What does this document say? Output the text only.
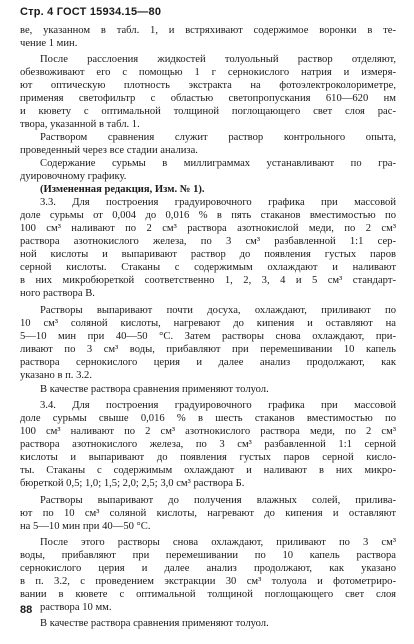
Стр. 4 ГОСТ 15934.15—80
ве, указанном в табл. 1, и встряхивают содержимое воронки в те-
чение 1 мин.
После расслоения жидкостей толуольный раствор отделяют,
обезвоживают его с помощью 1 г сернокислого натрия и измеря-
ют оптическую плотность экстракта на фотоэлектроколориметре,
применяя светофильтр с областью светопропускания 610—620 нм
и кювету с оптимальной толщиной поглощающего свет слоя рас-
твора, указанной в табл. 1.
Раствором сравнения служит раствор контрольного опыта,
проведенный через все стадии анализа.
Содержание сурьмы в миллиграммах устанавливают по гра-
дуировочному графику.
(Измененная редакция, Изм. № 1).
3.3. Для построения градуировочного графика при массовой
доле сурьмы от 0,004 до 0,016 % в пять стаканов вместимостью по
100 см³ наливают по 2 см³ раствора азотнокислой меди, по 2 см³
раствора азотнокислого железа, по 3 см³ разбавленной 1:1 сер-
ной кислоты и выпаривают раствор до появления густых паров
серной кислоты. Стаканы с содержимым охлаждают и наливают
в них микробюреткой соответственно 1, 2, 3, 4 и 5 см³ стандарт-
ного раствора В.
Растворы выпаривают почти досуха, охлаждают, приливают по
10 см³ соляной кислоты, нагревают до кипения и оставляют на
5—10 мин при 40—50 °С. Затем растворы снова охлаждают, при-
ливают по 3 см³ воды, прибавляют при перемешивании 10 капель
раствора сернокислого церия и далее анализ продолжают, как
указано в п. 3.2.
В качестве раствора сравнения применяют толуол.
3.4. Для построения градуировочного графика при массовой
доле сурьмы свыше 0,016 % в шесть стаканов вместимостью по
100 см³ наливают по 2 см³ азотнокислого раствора меди, по 2 см³
раствора азотнокислого железа, по 3 см³ разбавленной 1:1 серной
кислоты и выпаривают до появления густых паров серной кисло-
ты. Стаканы с содержимым охлаждают и наливают в них микро-
бюреткой 0,5; 1,0; 1,5; 2,0; 2,5; 3,0 см³ раствора Б.
Растворы выпаривают до получения влажных солей, прилива-
ют по 10 см³ соляной кислоты, нагревают до кипения и оставляют
на 5—10 мин при 40—50 °С.
После этого растворы снова охлаждают, приливают по 3 см³
воды, прибавляют при перемешивании по 10 капель раствора
сернокислого церия и далее анализ продолжают, как указано
в п. 3.2, с проведением экстракции 30 см³ толуола и фотометриро-
вании в кювете с оптимальной толщиной поглощающего свет слоя
раствора 10 мм.
В качестве раствора сравнения применяют толуол.
88
